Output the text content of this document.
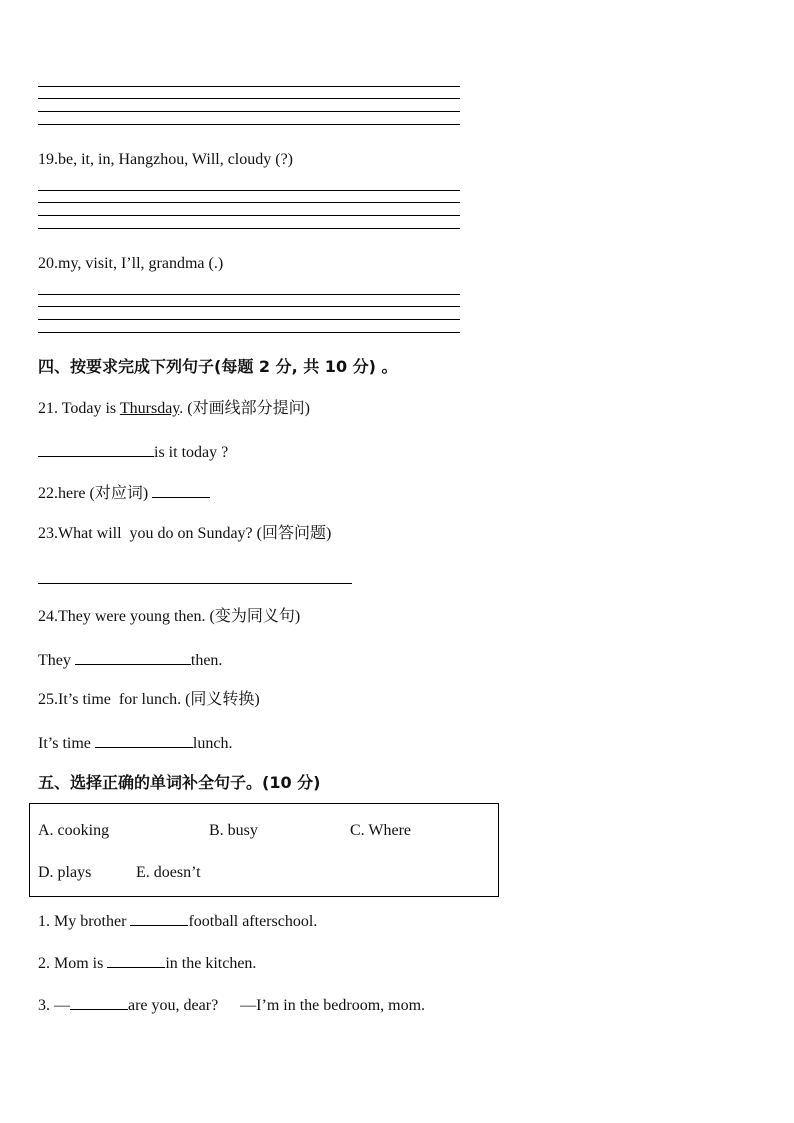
19.be, it, in, Hangzhou, Will, cloudy (?)
20.my, visit, I’ll, grandma (.)
四、按要求完成下列句子(每题 2 分, 共 10 分) 。
21. Today is Thursday. (对画线部分提问)
is it today ?
22.here (对应词)
23.What will  you do on Sunday? (回答问题)
24.They were young then. (变为同义句)
They	then.
25.It’s time  for lunch. (同义转换)
It’s time	lunch.
五、选择正确的单词补全句子。(10 分)
A. cooking	B. busy	C. Where
D. plays	E. doesn’t
1. My brother	football afterschool.
2. Mom is	in the kitchen.
3. —	are you, dear? —I’m in the bedroom, mom.
